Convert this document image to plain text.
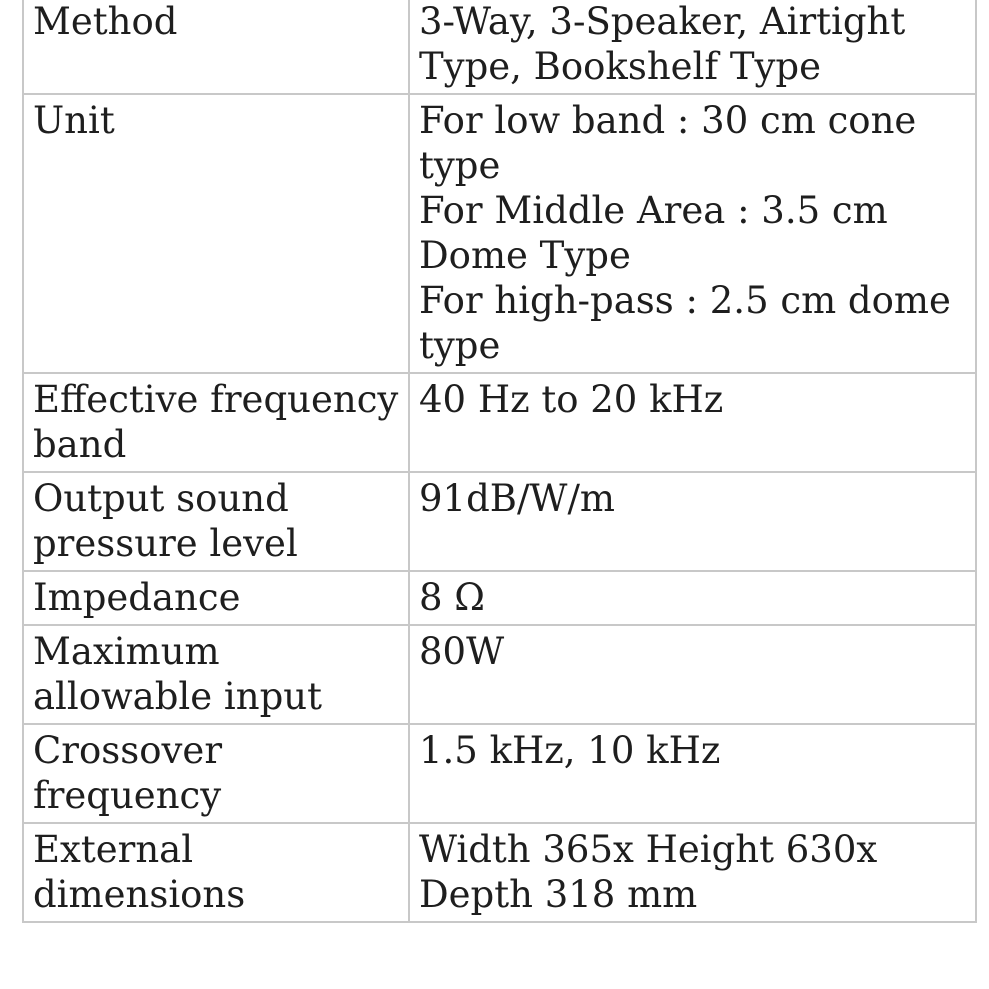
Method	3-Way, 3-Speaker, Airtight Type, Bookshelf Type

Unit	For low band : 30 cm cone type
For Middle Area : 3.5 cm Dome Type
For high-pass : 2.5 cm dome type

Effective frequency band	40 Hz to 20 kHz

Output sound pressure level	91dB/W/m

Impedance	8 Ω

Maximum allowable input	80W

Crossover frequency	1.5 kHz, 10 kHz

External dimensions	Width 365x Height 630x Depth 318 mm
